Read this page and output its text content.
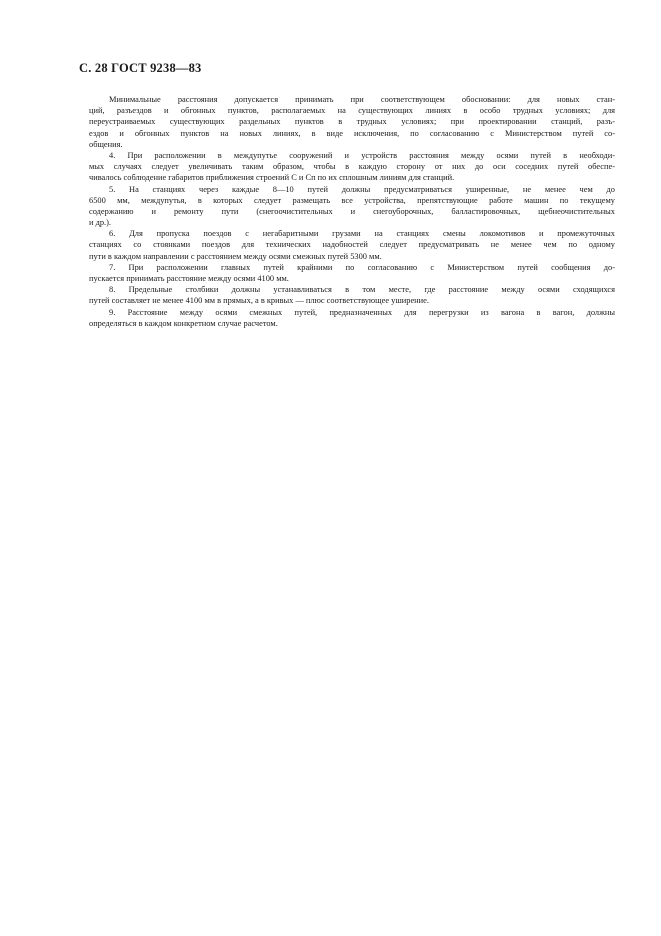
С. 28 ГОСТ 9238—83
Минимальные расстояния допускается принимать при соответствующем обосновании: для новых стан-
ций, разъездов и обгонных пунктов, располагаемых на существующих линиях в особо трудных условиях; для
переустраиваемых существующих раздельных пунктов в трудных условиях; при проектировании станций, разъ-
ездов и обгонных пунктов на новых линиях, в виде исключения, по согласованию с Министерством путей со-
общения.
4. При расположении в междупутье сооружений и устройств расстояния между осями путей в необходи-
мых случаях следует увеличивать таким образом, чтобы в каждую сторону от них до оси соседних путей обеспе-
чивалось соблюдение габаритов приближения строений С и Сп по их сплошным линиям для станций.
5. На станциях через каждые 8—10 путей должны предусматриваться уширенные, не менее чем до
6500 мм, междупутья, в которых следует размещать все устройства, препятствующие работе машин по текущему
содержанию и ремонту пути (снегоочистительных и снегоуборочных, балластировочных, щебнеочистительных
и др.).
6. Для пропуска поездов с негабаритными грузами на станциях смены локомотивов и промежуточных
станциях со стоянками поездов для технических надобностей следует предусматривать не менее чем по одному
пути в каждом направлении с расстоянием между осями смежных путей 5300 мм.
7. При расположении главных путей крайними по согласованию с Министерством путей сообщения до-
пускается принимать расстояние между осями 4100 мм.
8. Предельные столбики должны устанавливаться в том месте, где расстояние между осями сходящихся
путей составляет не менее 4100 мм в прямых, а в кривых — плюс соответствующее уширение.
9. Расстояние между осями смежных путей, предназначенных для перегрузки из вагона в вагон, должны
определяться в каждом конкретном случае расчетом.
